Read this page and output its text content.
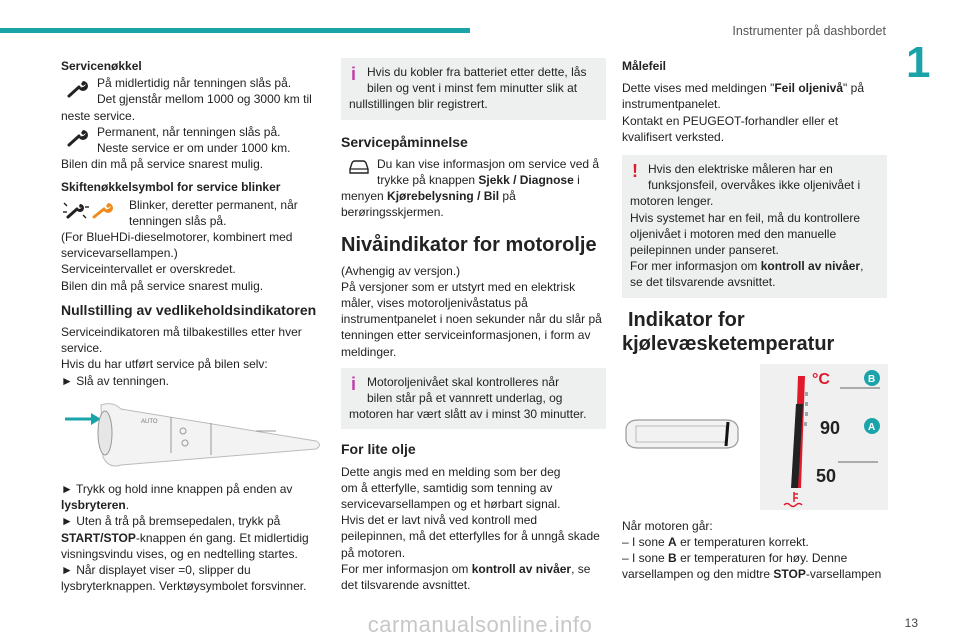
Instrumenter på dashbordet
1
Servicenøkkel
På midlertidig når tenningen slås på.
Det gjenstår mellom 1000 og 3000 km til
neste service.
Permanent, når tenningen slås på.
Neste service er om under 1000 km.
Bilen din må på service snarest mulig.
Skiftenøkkelsymbol for service blinker
Blinker, deretter permanent, når
tenningen slås på.
(For BlueHDi-dieselmotorer, kombinert med
servicevarsellampen.)
Serviceintervallet er overskredet.
Bilen din må på service snarest mulig.
Nullstilling av vedlikeholdsindikatoren
Serviceindikatoren må tilbakestilles etter hver
service.
Hvis du har utført service på bilen selv:
► Slå av tenningen.
AUTO
► Trykk og hold inne knappen på enden av
lysbryteren.
► Uten å trå på bremsepedalen, trykk på
START/STOP-knappen én gang. Et midlertidig
visningsvindu vises, og en nedtelling startes.
► Når displayet viser =0, slipper du
lysbryterknappen. Verktøysymbolet forsvinner.
i Hvis du kobler fra batteriet etter dette, lås
bilen og vent i minst fem minutter slik at
nullstillingen blir registrert.
Servicepåminnelse
Du kan vise informasjon om service ved å
trykke på knappen Sjekk / Diagnose i
menyen Kjørebelysning / Bil på
berøringsskjermen.
Nivåindikator for motorolje
(Avhengig av versjon.)
På versjoner som er utstyrt med en elektrisk
måler, vises motoroljenivåstatus på
instrumentpanelet i noen sekunder når du slår på
tenningen etter serviceinformasjonen, i form av
meldinger.
i Motoroljenivået skal kontrolleres når
bilen står på et vannrett underlag, og
motoren har vært slått av i minst 30 minutter.
For lite olje
Dette angis med en melding som ber deg
om å etterfylle, samtidig som tenning av
servicevarsellampen og et hørbart signal.
Hvis det er lavt nivå ved kontroll med
peilepinnen, må det etterfylles for å unngå skade
på motoren.
For mer informasjon om kontroll av nivåer, se
det tilsvarende avsnittet.
Målefeil
Dette vises med meldingen "Feil oljenivå" på
instrumentpanelet.
Kontakt en PEUGEOT-forhandler eller et
kvalifisert verksted.
! Hvis den elektriske måleren har en
funksjonsfeil, overvåkes ikke oljenivået i
motoren lenger.
Hvis systemet har en feil, må du kontrollere
oljenivået i motoren med den manuelle
peilepinnen under panseret.
For mer informasjon om kontroll av nivåer,
se det tilsvarende avsnittet.
Indikator for
kjølevæsketemperatur
°C
90
50
B
A
Når motoren går:
– I sone A er temperaturen korrekt.
– I sone B er temperaturen for høy. Denne
varsellampen og den midtre STOP-varsellampen
13
carmanualsonline.info
